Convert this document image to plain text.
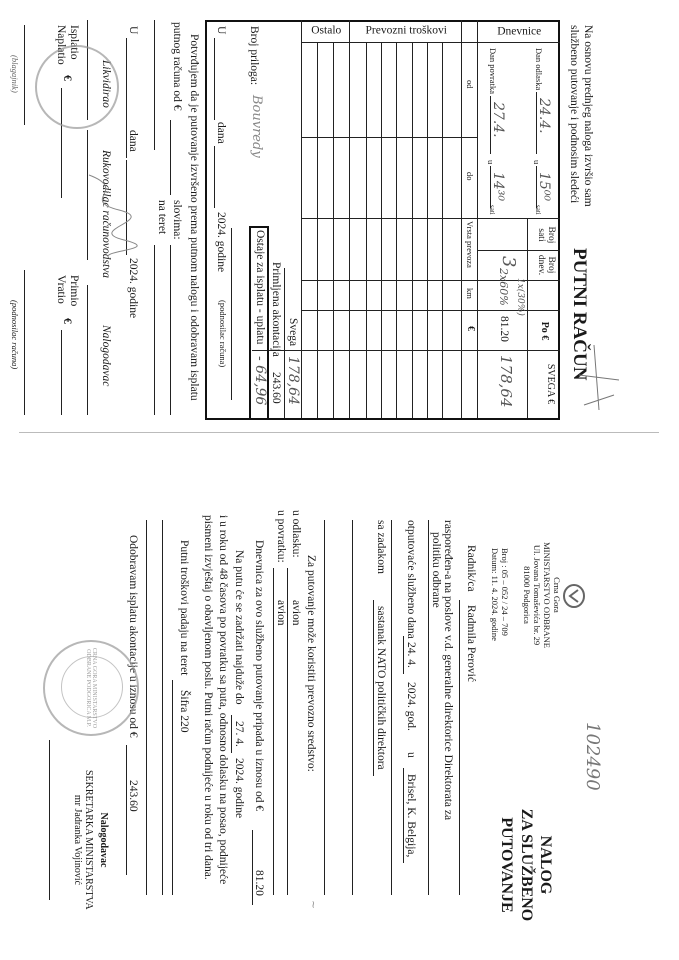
Na osnovu prednjeg naloga izvršio sam
službeno putovanje i podnosim sledeći
PUTNI RAČUN
Dnevnice
Prevozni troškovi
Ostalo
Dan odlaska
24.4.
u
15⁰⁰
sati
Dan povratka
27.4.
u
14³⁰
sati
Broj sati
Broj dnev.
Po €
SVEGA €
3
2x60% 1x(30%)
81.20
178,64
od
do
Vrsta prevoza
km
€
Svega
178,64
Primljena akontacija
243.60
Ostaje za isplatu - uplatu
- 64,96
Broj priloga:
Bouvredy
U
dana
2024. godine
(podnosilac računa)
Potvrđujem da je putovanje izvršeno prema putnom nalogu i odobravam isplatu
putnog računa od €
slovima:
na teret
U
dana
2024. godine
Likvidirao
Rukovodilac računovodstva
Nalogodavac
Isplatio
Naplatio
€
Primio
Vratio
€
(blagajnik)
(podnosilac računa)
102490
Crna Gora
MINISTARSTVO ODBRANE
Ul. Jovana Tomaševića br. 29
81000 Podgorica
Broj : 05 – 052 / 24 – 709
Datum: 11. 4. 2024. godine
NALOG
ZA SLUŽBENO
PUTOVANJE
Radnik/ca
Radmila Perović
raspoređen-a na poslove
v.d. generalne direktorice Direktorata za
politiku odbrane
otputovaće službeno dana
24. 4.
2024. god.
u
Brisel, K. Belgija,
sa zadakom
sastanak NATO političkih direktora
Za putovanje može koristiti prevozno sredstvo:
u odlasku:
avion
u povratku:
avion
~
Dnevnica za ovo službeno putovanje pripada u iznosu od €
81.20
Na putu će se zadržati najduže do
27. 4.
2024. godine
i u roku od 48 časova po povratku sa puta, odnosno dolasku na posao, podnijeće
pismeni izvještaj o obavljenom poslu. Putni račun podnijeće u roku od tri dana.
Putni troškovi padaju na teret
Šifra 220
Odobravam isplatu akontacije u iznosu od €
243.60
CRNA GORA MINISTARSTVO ODBRANE PODGORICA M.P.
Nalogodavac
SEKRETARKA MINISTARSTVA
mr Jadranka Vojinović
